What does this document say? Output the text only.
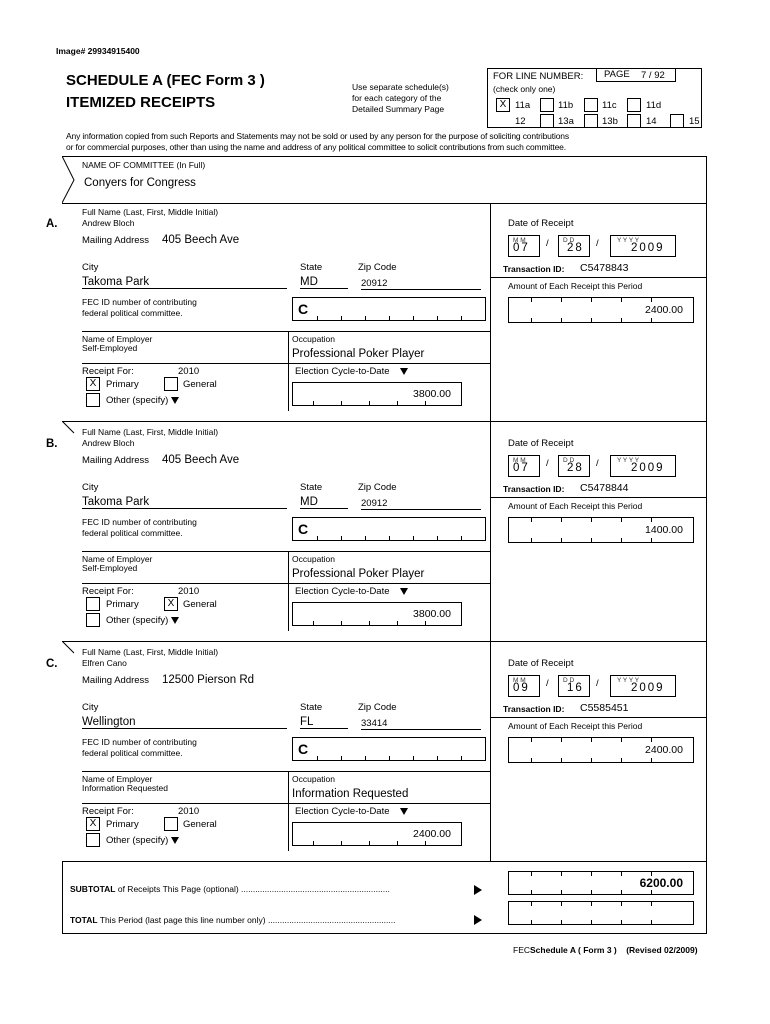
Image# 29934915400
SCHEDULE A (FEC Form 3 )
ITEMIZED RECEIPTS
Use separate schedule(s)
for each category of the
Detailed Summary Page
FOR LINE NUMBER:
(check only one)
PAGE 7 / 92
X 11a	11b	11c	11d
12	13a	13b	14	15
Any information copied from such Reports and Statements may not be sold or used by any person for the purpose of soliciting contributions
or for commercial purposes, other than using the name and address of any political committee to solicit contributions from such committee.
NAME OF COMMITTEE (In Full)
Conyers for Congress
A.
Full Name (Last, First, Middle Initial)
Andrew Bloch
Mailing Address 405 Beech Ave
City
Takoma Park
State
MD
Zip Code
20912
FEC ID number of contributing
federal political committee.	C
Name of Employer
Self-Employed
Occupation
Professional Poker Player
Receipt For:	2010
X	Primary	General
Other (specify)
Election Cycle-to-Date
3800.00
Date of Receipt
M M
07 / D D
28 /	Y Y Y Y
2009
Transaction ID: C5478843
Amount of Each Receipt this Period
2400.00
B.
Full Name (Last, First, Middle Initial)
Andrew Bloch
Mailing Address 405 Beech Ave
City
Takoma Park
State
MD
Zip Code
20912
FEC ID number of contributing
federal political committee.	C
Name of Employer
Self-Employed
Occupation
Professional Poker Player
Receipt For:	2010
Primary	X General
Other (specify)
Election Cycle-to-Date
3800.00
Date of Receipt
M M
07 / D D
28 /	Y Y Y Y
2009
Transaction ID: C5478844
Amount of Each Receipt this Period
1400.00
C.
Full Name (Last, First, Middle Initial)
Elfren Cano
Mailing Address 12500 Pierson Rd
City
Wellington
State
FL
Zip Code
33414
FEC ID number of contributing
federal political committee.	C
Name of Employer
Information Requested
Occupation
Information Requested
Receipt For:	2010
X	Primary	General
Other (specify)
Election Cycle-to-Date
2400.00
Date of Receipt
M M
09 / D D
16 /	Y Y Y Y
2009
Transaction ID: C5585451
Amount of Each Receipt this Period
2400.00
SUBTOTAL of Receipts This Page (optional) ...............................................................	6200.00
TOTAL This Period (last page this line number only) ......................................................
FECSchedule A ( Form 3 ) (Revised 02/2009)
